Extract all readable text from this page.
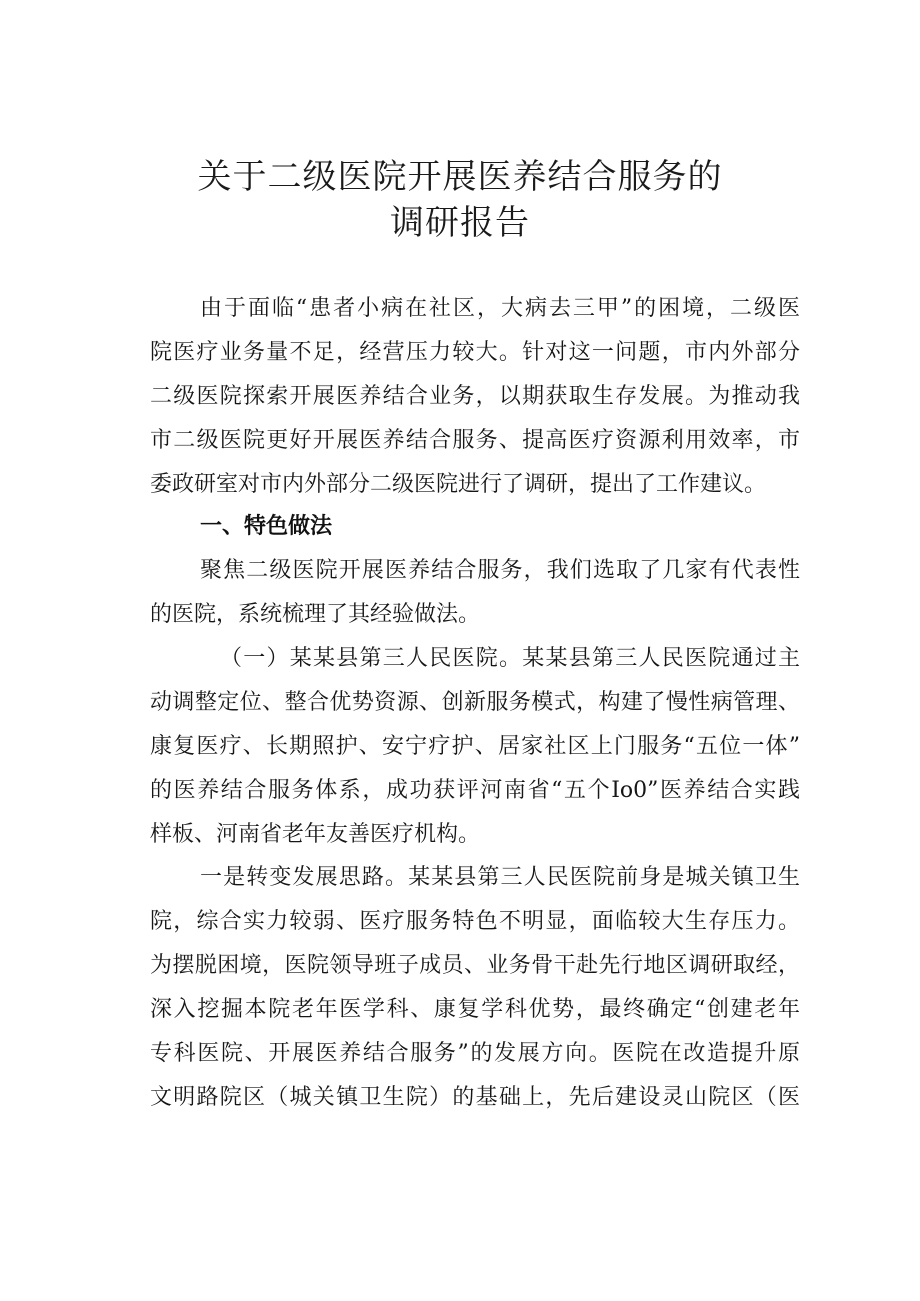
关于二级医院开展医养结合服务的
调研报告
由于面临“患者小病在社区，大病去三甲”的困境，二级医
院医疗业务量不足，经营压力较大。针对这一问题，市内外部分
二级医院探索开展医养结合业务，以期获取生存发展。为推动我
市二级医院更好开展医养结合服务、提高医疗资源利用效率，市
委政研室对市内外部分二级医院进行了调研，提出了工作建议。
一、特色做法
聚焦二级医院开展医养结合服务，我们选取了几家有代表性
的医院，系统梳理了其经验做法。
（一）某某县第三人民医院。某某县第三人民医院通过主
动调整定位、整合优势资源、创新服务模式，构建了慢性病管理、
康复医疗、长期照护、安宁疗护、居家社区上门服务“五位一体”
的医养结合服务体系，成功获评河南省“五个Io0”医养结合实践
样板、河南省老年友善医疗机构。
一是转变发展思路。某某县第三人民医院前身是城关镇卫生
院，综合实力较弱、医疗服务特色不明显，面临较大生存压力。
为摆脱困境，医院领导班子成员、业务骨干赴先行地区调研取经，
深入挖掘本院老年医学科、康复学科优势，最终确定“创建老年
专科医院、开展医养结合服务”的发展方向。医院在改造提升原
文明路院区（城关镇卫生院）的基础上，先后建设灵山院区（医
